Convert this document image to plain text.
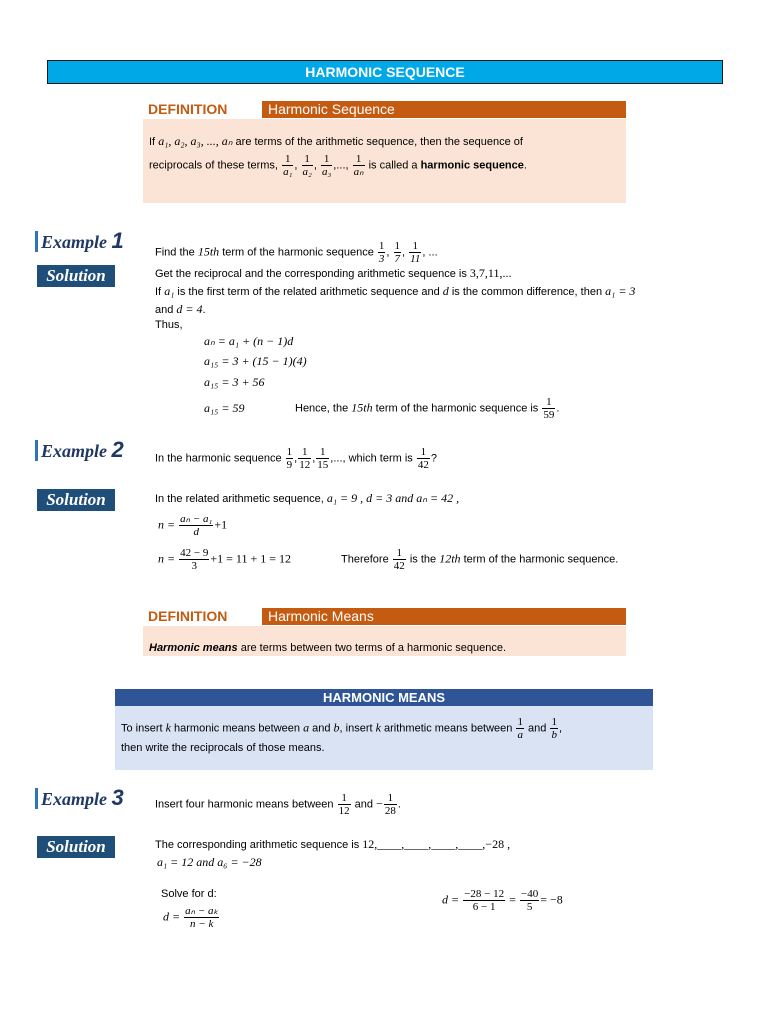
HARMONIC SEQUENCE
DEFINITION	Harmonic Sequence
If a₁, a₂, a₃, ..., aₙ are terms of the arithmetic sequence, then the sequence of
reciprocals of these terms, $\frac{1}{\text{a₁}}$ , $\frac{1}{\text{a₂}}$ , $\frac{1}{\text{a₃}}$ ,..., $\frac{1}{\text{aₙ}}$ is called a harmonic sequence.
Example 1	Find the 15th term of the harmonic sequence $\frac{1}{3}$ , $\frac{1}{7}$ , $\frac{1}{11}$ , ...
Solution	Get the reciprocal and the corresponding arithmetic sequence is 3,7,11,...
If a₁ is the first term of the related arithmetic sequence and d is the common difference, then a₁ = 3
and d = 4.
Thus,
aₙ = a₁ + (n − 1)d
a₁₅ = 3 + (15 − 1)(4)
a₁₅ = 3 + 56
a₁₅ = 59	Hence, the 15th term of the harmonic sequence is $\frac{1}{59}$ .
Example 2	In the harmonic sequence $\frac{1}{9}$ , $\frac{1}{12}$ , $\frac{1}{15}$ ,..., which term is $\frac{1}{42}$ ?
Solution	In the related arithmetic sequence, a₁ = 9 , d = 3 and aₙ = 42 ,
$n = \frac{\text{aₙ − a₁}}{d} +1$
$n = \frac{42 - 9}{3} +1 = 11 + 1 = 12$	Therefore $\frac{1}{42}$ is the 12th term of the harmonic sequence.
DEFINITION	Harmonic Means
Harmonic means are terms between two terms of a harmonic sequence.
HARMONIC MEANS
To insert k harmonic means between a and b, insert k arithmetic means between $\frac{1}{a}$ and $\frac{1}{b}$ ,
then write the reciprocals of those means.
Example 3	Insert four harmonic means between $\frac{1}{12}$ and − $\frac{1}{28}$ .
Solution	The corresponding arithmetic sequence is 12,____,____,____,____,−28 ,
a₁ = 12 and a₆ = −28
Solve for d:
$d = \frac{\text{aₙ − aₖ}}{n - k}$
$d = \frac{-28 - 12}{6 - 1} = \frac{-40}{5} = -8$
